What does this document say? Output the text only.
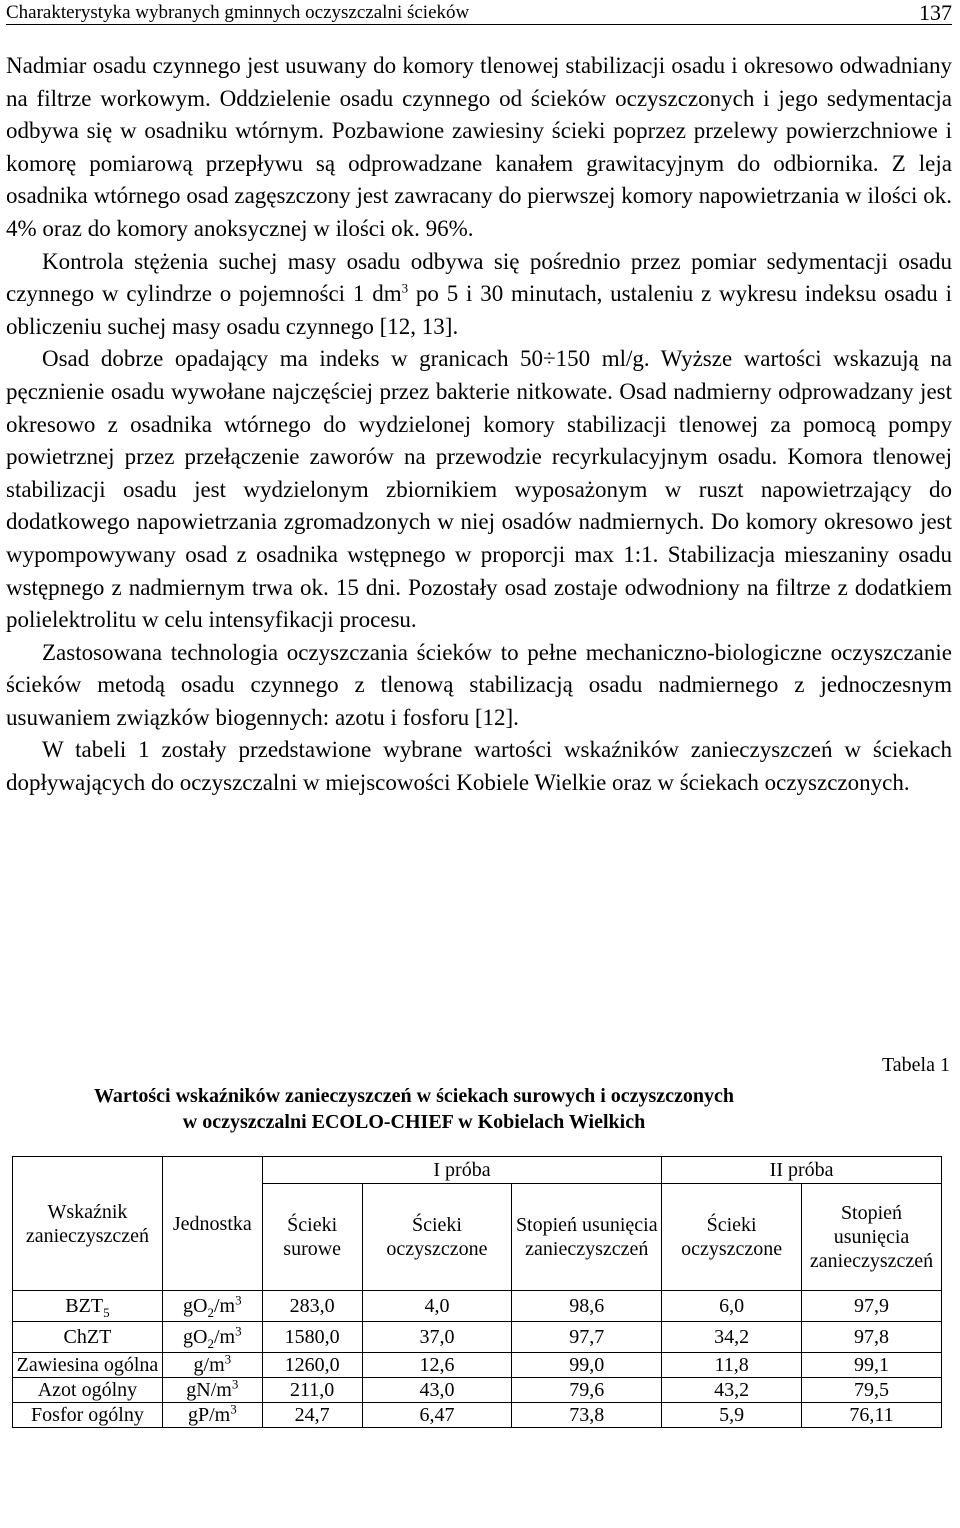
Charakterystyka wybranych gminnych oczyszczalni ścieków	137

Nadmiar osadu czynnego jest usuwany do komory tlenowej stabilizacji osadu i okresowo odwadniany na filtrze workowym. Oddzielenie osadu czynnego od ścieków oczyszczonych i jego sedymentacja odbywa się w osadniku wtórnym. Pozbawione zawiesiny ścieki poprzez przelewy powierzchniowe i komorę pomiarową przepływu są odprowadzane kanałem grawitacyjnym do odbiornika. Z leja osadnika wtórnego osad zagęszczony jest zawracany do pierwszej komory napowietrzania w ilości ok. 4% oraz do komory anoksycznej w ilości ok. 96%.

Kontrola stężenia suchej masy osadu odbywa się pośrednio przez pomiar sedymentacji osadu czynnego w cylindrze o pojemności 1 $dm^3$ po 5 i 30 minutach, ustaleniu z wykresu indeksu osadu i obliczeniu suchej masy osadu czynnego [12, 13].

Osad dobrze opadający ma indeks w granicach 50÷150 ml/g. Wyższe wartości wskazują na pęcznienie osadu wywołane najczęściej przez bakterie nitkowate. Osad nadmierny odprowadzany jest okresowo z osadnika wtórnego do wydzielonej komory stabilizacji tlenowej za pomocą pompy powietrznej przez przełączenie zaworów na przewodzie recyrkulacyjnym osadu. Komora tlenowej stabilizacji osadu jest wydzielonym zbiornikiem wyposażonym w ruszt napowietrzający do dodatkowego napowietrzania zgromadzonych w niej osadów nadmiernych. Do komory okresowo jest wypompowywany osad z osadnika wstępnego w proporcji max 1:1. Stabilizacja mieszaniny osadu wstępnego z nadmiernym trwa ok. 15 dni. Pozostały osad zostaje odwodniony na filtrze z dodatkiem polielektrolitu w celu intensyfikacji procesu.

Zastosowana technologia oczyszczania ścieków to pełne mechaniczno-biologiczne oczyszczanie ścieków metodą osadu czynnego z tlenową stabilizacją osadu nadmiernego z jednoczesnym usuwaniem związków biogennych: azotu i fosforu [12].

W tabeli 1 zostały przedstawione wybrane wartości wskaźników zanieczyszczeń w ściekach dopływających do oczyszczalni w miejscowości Kobiele Wielkie oraz w ściekach oczyszczonych.

Tabela 1
Wartości wskaźników zanieczyszczeń w ściekach surowych i oczyszczonych
w oczyszczalni ECOLO-CHIEF w Kobielach Wielkich
Wskaźnik zanieczyszczeń	Jednostka	I próba			II próba	
		Ścieki surowe	Ścieki oczyszczone	Stopień usunięcia zanieczyszczeń	Ścieki oczyszczone	Stopień usunięcia zanieczyszczeń
$BZT_5$	$gO_2/m^3$	283,0	4,0	98,6	6,0	97,9
ChZT	$gO_2/m^3$	1580,0	37,0	97,7	34,2	97,8
Zawiesina ogólna	$g/m^3$	1260,0	12,6	99,0	11,8	99,1
Azot ogólny	$gN/m^3$	211,0	43,0	79,6	43,2	79,5
Fosfor ogólny	$gP/m^3$	24,7	6,47	73,8	5,9	76,11
